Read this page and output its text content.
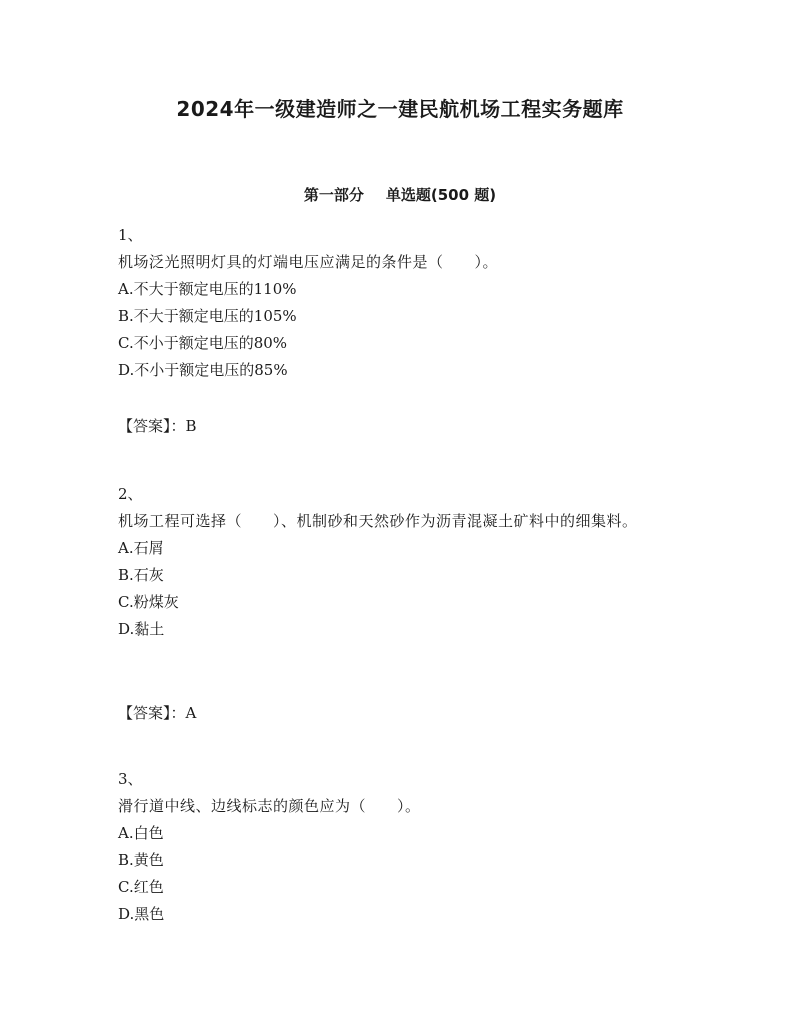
2024年一级建造师之一建民航机场工程实务题库
第一部分 单选题(500 题)
1、
机场泛光照明灯具的灯端电压应满足的条件是（　　）。
A.不大于额定电压的110%
B.不大于额定电压的105%
C.不小于额定电压的80%
D.不小于额定电压的85%
【答案】：B
2、
机场工程可选择（　　）、机制砂和天然砂作为沥青混凝土矿料中的细集料。
A.石屑
B.石灰
C.粉煤灰
D.黏土
【答案】：A
3、
滑行道中线、边线标志的颜色应为（　　）。
A.白色
B.黄色
C.红色
D.黑色
